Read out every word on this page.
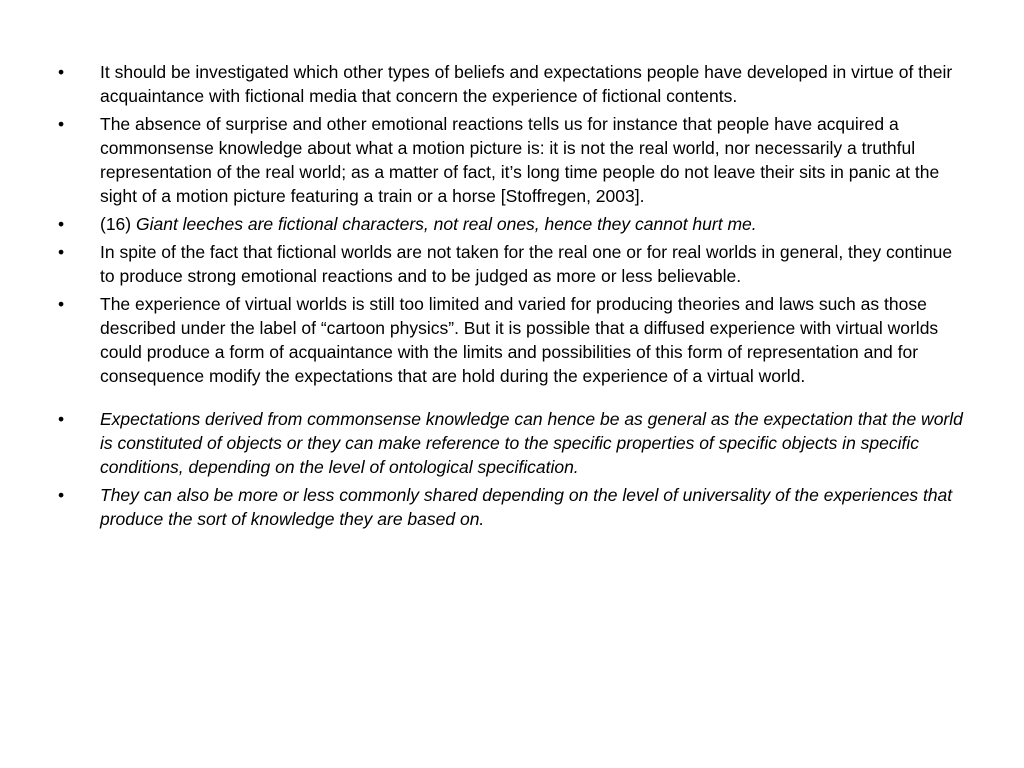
•	It should be investigated which other types of beliefs and expectations people have developed in virtue of their acquaintance with fictional media that concern the experience of fictional contents.
•	The absence of surprise and other emotional reactions tells us for instance that people have acquired a commonsense knowledge about what a motion picture is: it is not the real world, nor necessarily a truthful representation of the real world; as a matter of fact, it’s long time people do not leave their sits in panic at the sight of a motion picture featuring a train or a horse [Stoffregen, 2003].
•	(16) Giant leeches are fictional characters, not real ones, hence they cannot hurt me.
•	In spite of the fact that fictional worlds are not taken for the real one or for real worlds in general, they continue to produce strong emotional reactions and to be judged as more or less believable.
•	The experience of virtual worlds is still too limited and varied for producing theories and laws such as those described under the label of “cartoon physics”. But it is possible that a diffused experience with virtual worlds could produce a form of acquaintance with the limits and possibilities of this form of representation and for consequence modify the expectations that are hold during the experience of a virtual world.
•	Expectations derived from commonsense knowledge can hence be as general as the expectation that the world is constituted of objects or they can make reference to the specific properties of specific objects in specific conditions, depending on the level of ontological specification.
•	They can also be more or less commonly shared depending on the level of universality of the experiences that produce the sort of knowledge they are based on.
